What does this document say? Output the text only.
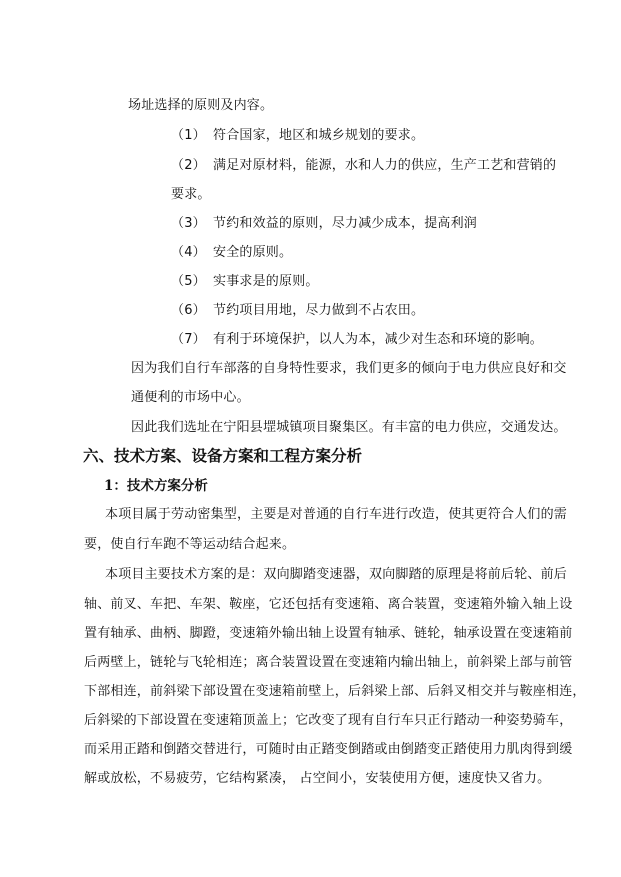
场址选择的原则及内容。
（1） 符合国家，地区和城乡规划的要求。
（2） 满足对原材料，能源，水和人力的供应，生产工艺和营销的
要求。
（3） 节约和效益的原则，尽力减少成本，提高利润
（4） 安全的原则。
（5） 实事求是的原则。
（6） 节约项目用地，尽力做到不占农田。
（7） 有利于环境保护，以人为本，减少对生态和环境的影响。
因为我们自行车部落的自身特性要求，我们更多的倾向于电力供应良好和交
通便利的市场中心。
因此我们选址在宁阳县堽城镇项目聚集区。有丰富的电力供应，交通发达。
六、技术方案、设备方案和工程方案分析
1：技术方案分析
本项目属于劳动密集型，主要是对普通的自行车进行改造，使其更符合人们的需
要，使自行车跑不等运动结合起来。
本项目主要技术方案的是：双向脚踏变速器，双向脚踏的原理是将前后轮、前后
轴、前叉、车把、车架、鞍座，它还包括有变速箱、离合装置，变速箱外输入轴上设
置有轴承、曲柄、脚蹬，变速箱外输出轴上设置有轴承、链轮，轴承设置在变速箱前
后两壁上，链轮与飞轮相连；离合装置设置在变速箱内输出轴上，前斜梁上部与前管
下部相连，前斜梁下部设置在变速箱前壁上，后斜梁上部、后斜叉相交并与鞍座相连，
后斜梁的下部设置在变速箱顶盖上；它改变了现有自行车只正行踏动一种姿势骑车，
而采用正踏和倒踏交替进行，可随时由正踏变倒踏或由倒踏变正踏使用力肌肉得到缓
解或放松，不易疲劳，它结构紧凑， 占空间小，安装使用方便，速度快又省力。
